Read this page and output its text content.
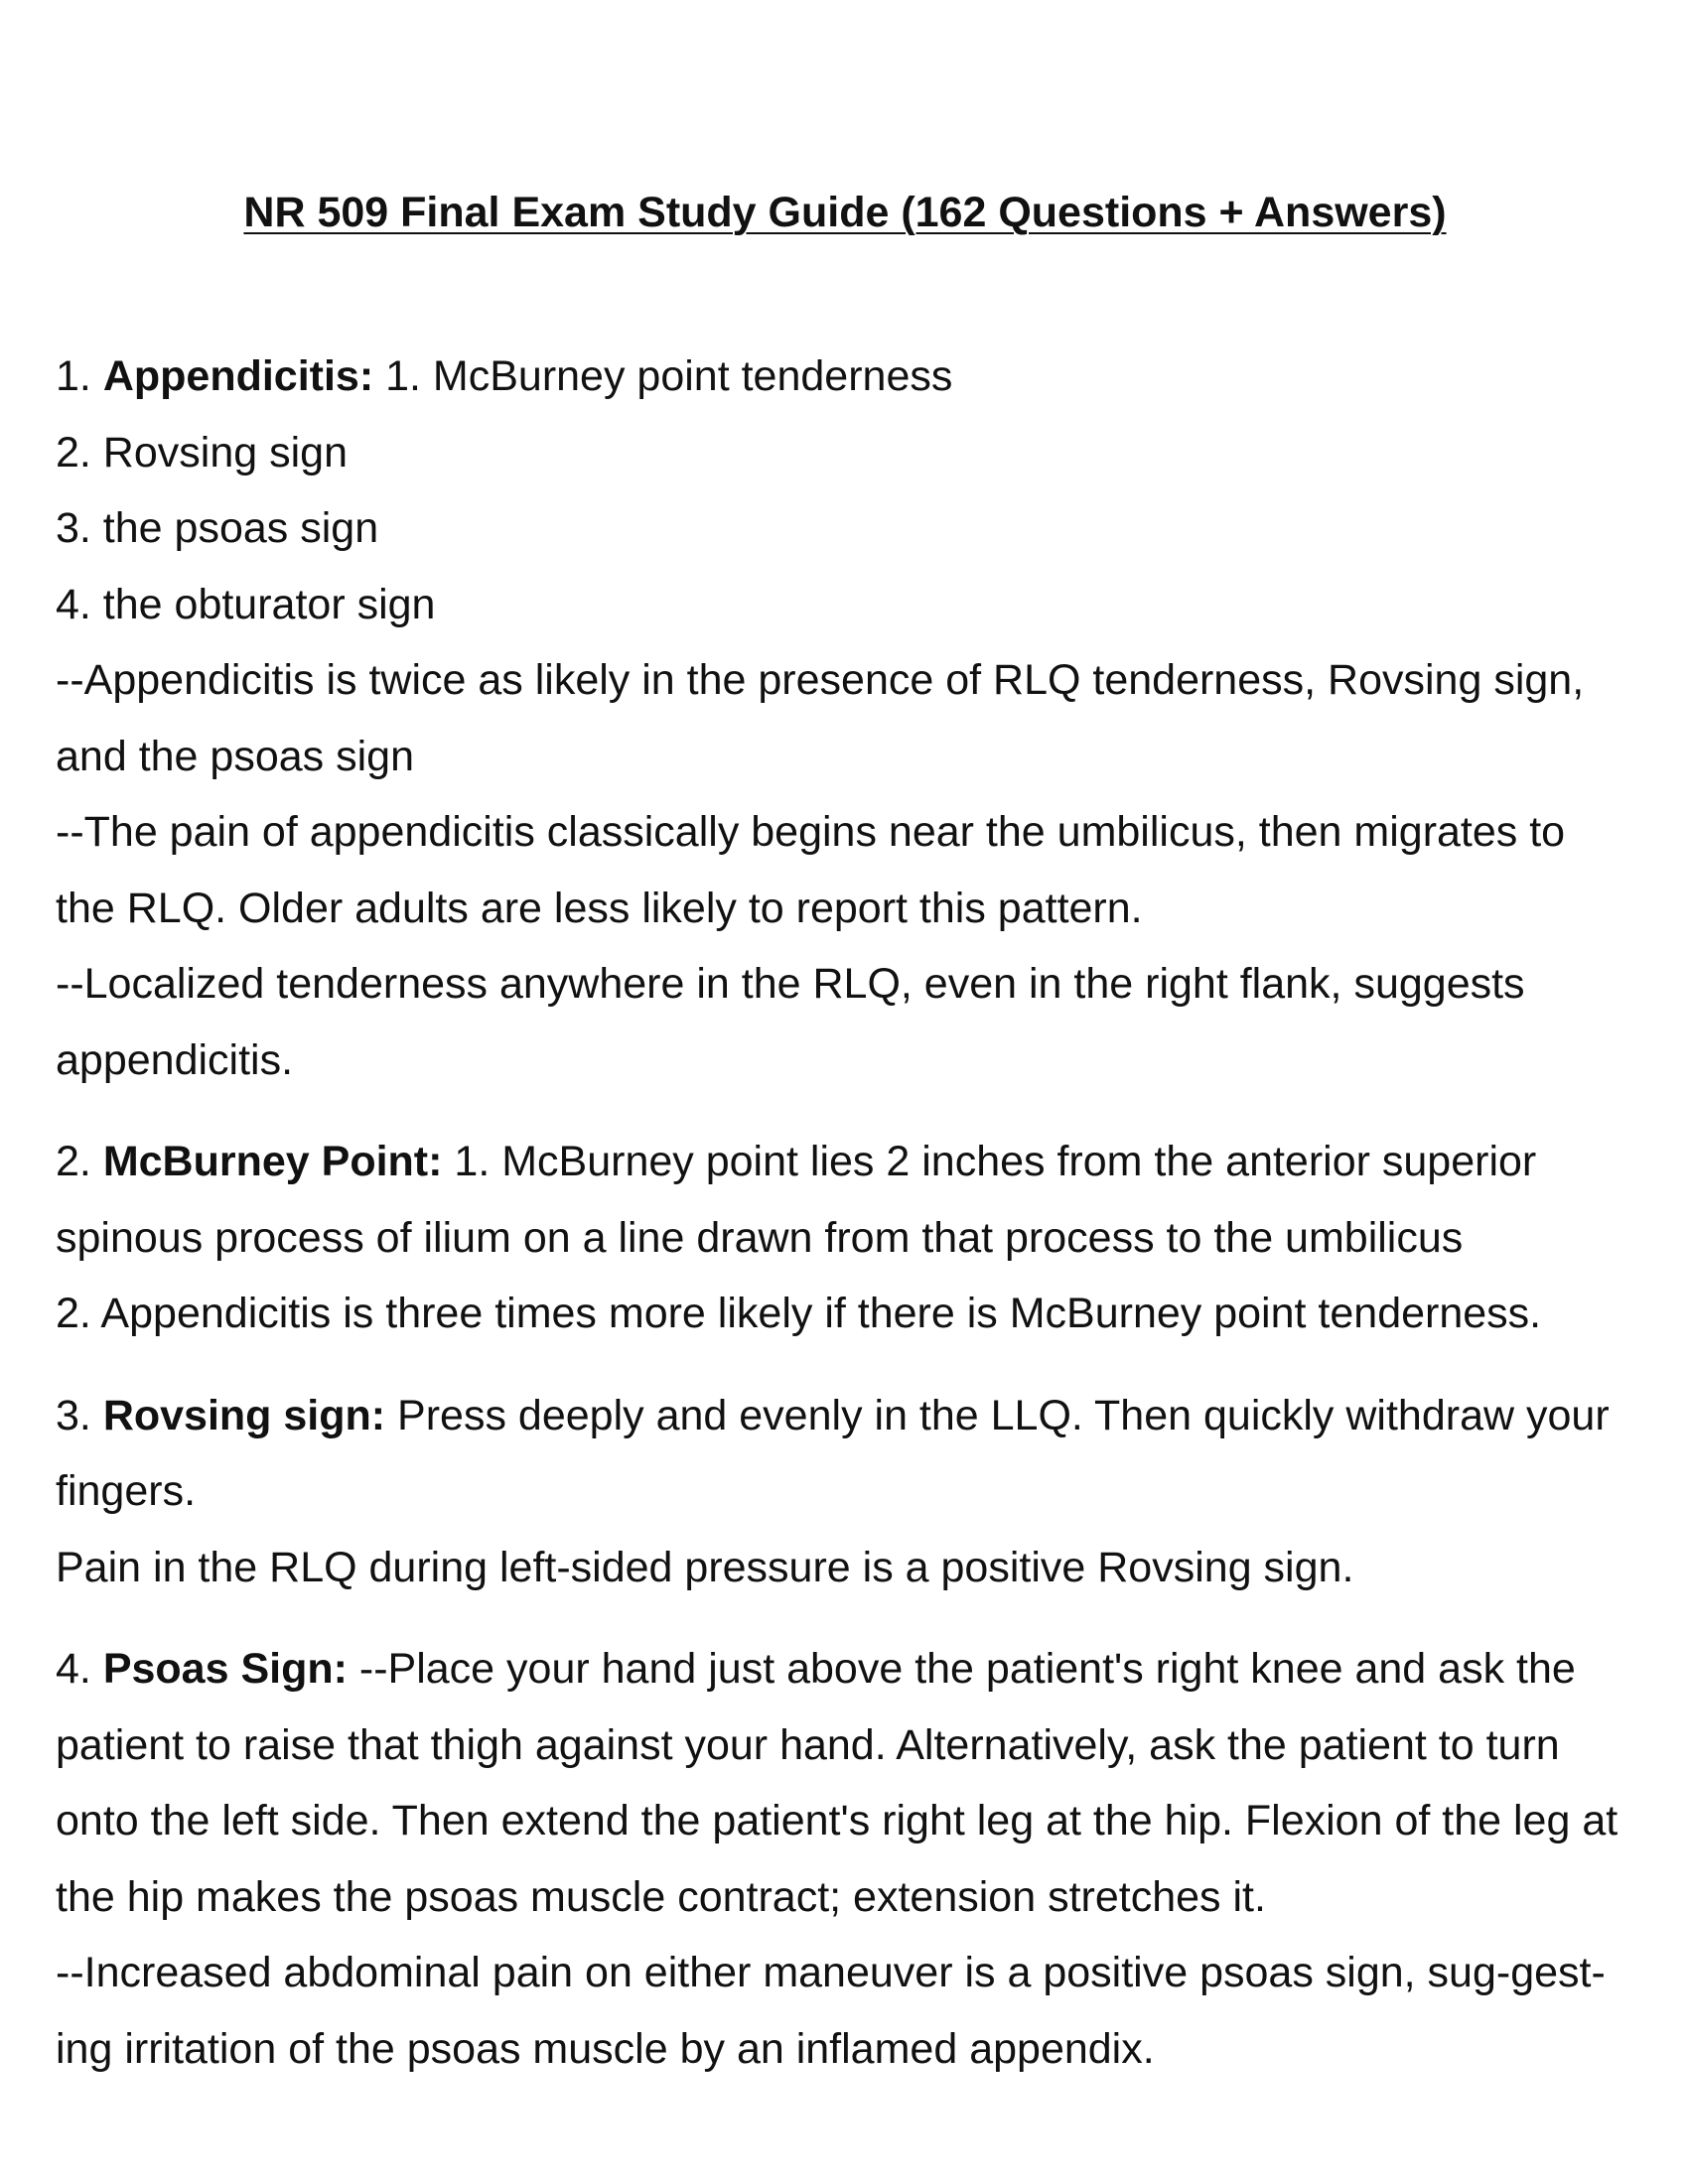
NR 509 Final Exam Study Guide (162 Questions + Answers)

1. Appendicitis: 1. McBurney point tenderness

2. Rovsing sign

3. the psoas sign

4. the obturator sign

--Appendicitis is twice as likely in the presence of RLQ tenderness, Rovsing sign, and the psoas sign

--The pain of appendicitis classically begins near the umbilicus, then migrates to the RLQ. Older adults are less likely to report this pattern.

--Localized tenderness anywhere in the RLQ, even in the right flank, suggests appendicitis.

2. McBurney Point: 1. McBurney point lies 2 inches from the anterior superior spinous process of ilium on a line drawn from that process to the umbilicus

2. Appendicitis is three times more likely if there is McBurney point tenderness.

3. Rovsing sign: Press deeply and evenly in the LLQ. Then quickly withdraw your fingers.

Pain in the RLQ during left-sided pressure is a positive Rovsing sign.

4. Psoas Sign: --Place your hand just above the patient's right knee and ask the patient to raise that thigh against your hand. Alternatively, ask the patient to turn onto the left side. Then extend the patient's right leg at the hip. Flexion of the leg at the hip makes the psoas muscle contract; extension stretches it.

--Increased abdominal pain on either maneuver is a positive psoas sign, sug-gest-ing irritation of the psoas muscle by an inflamed appendix.
